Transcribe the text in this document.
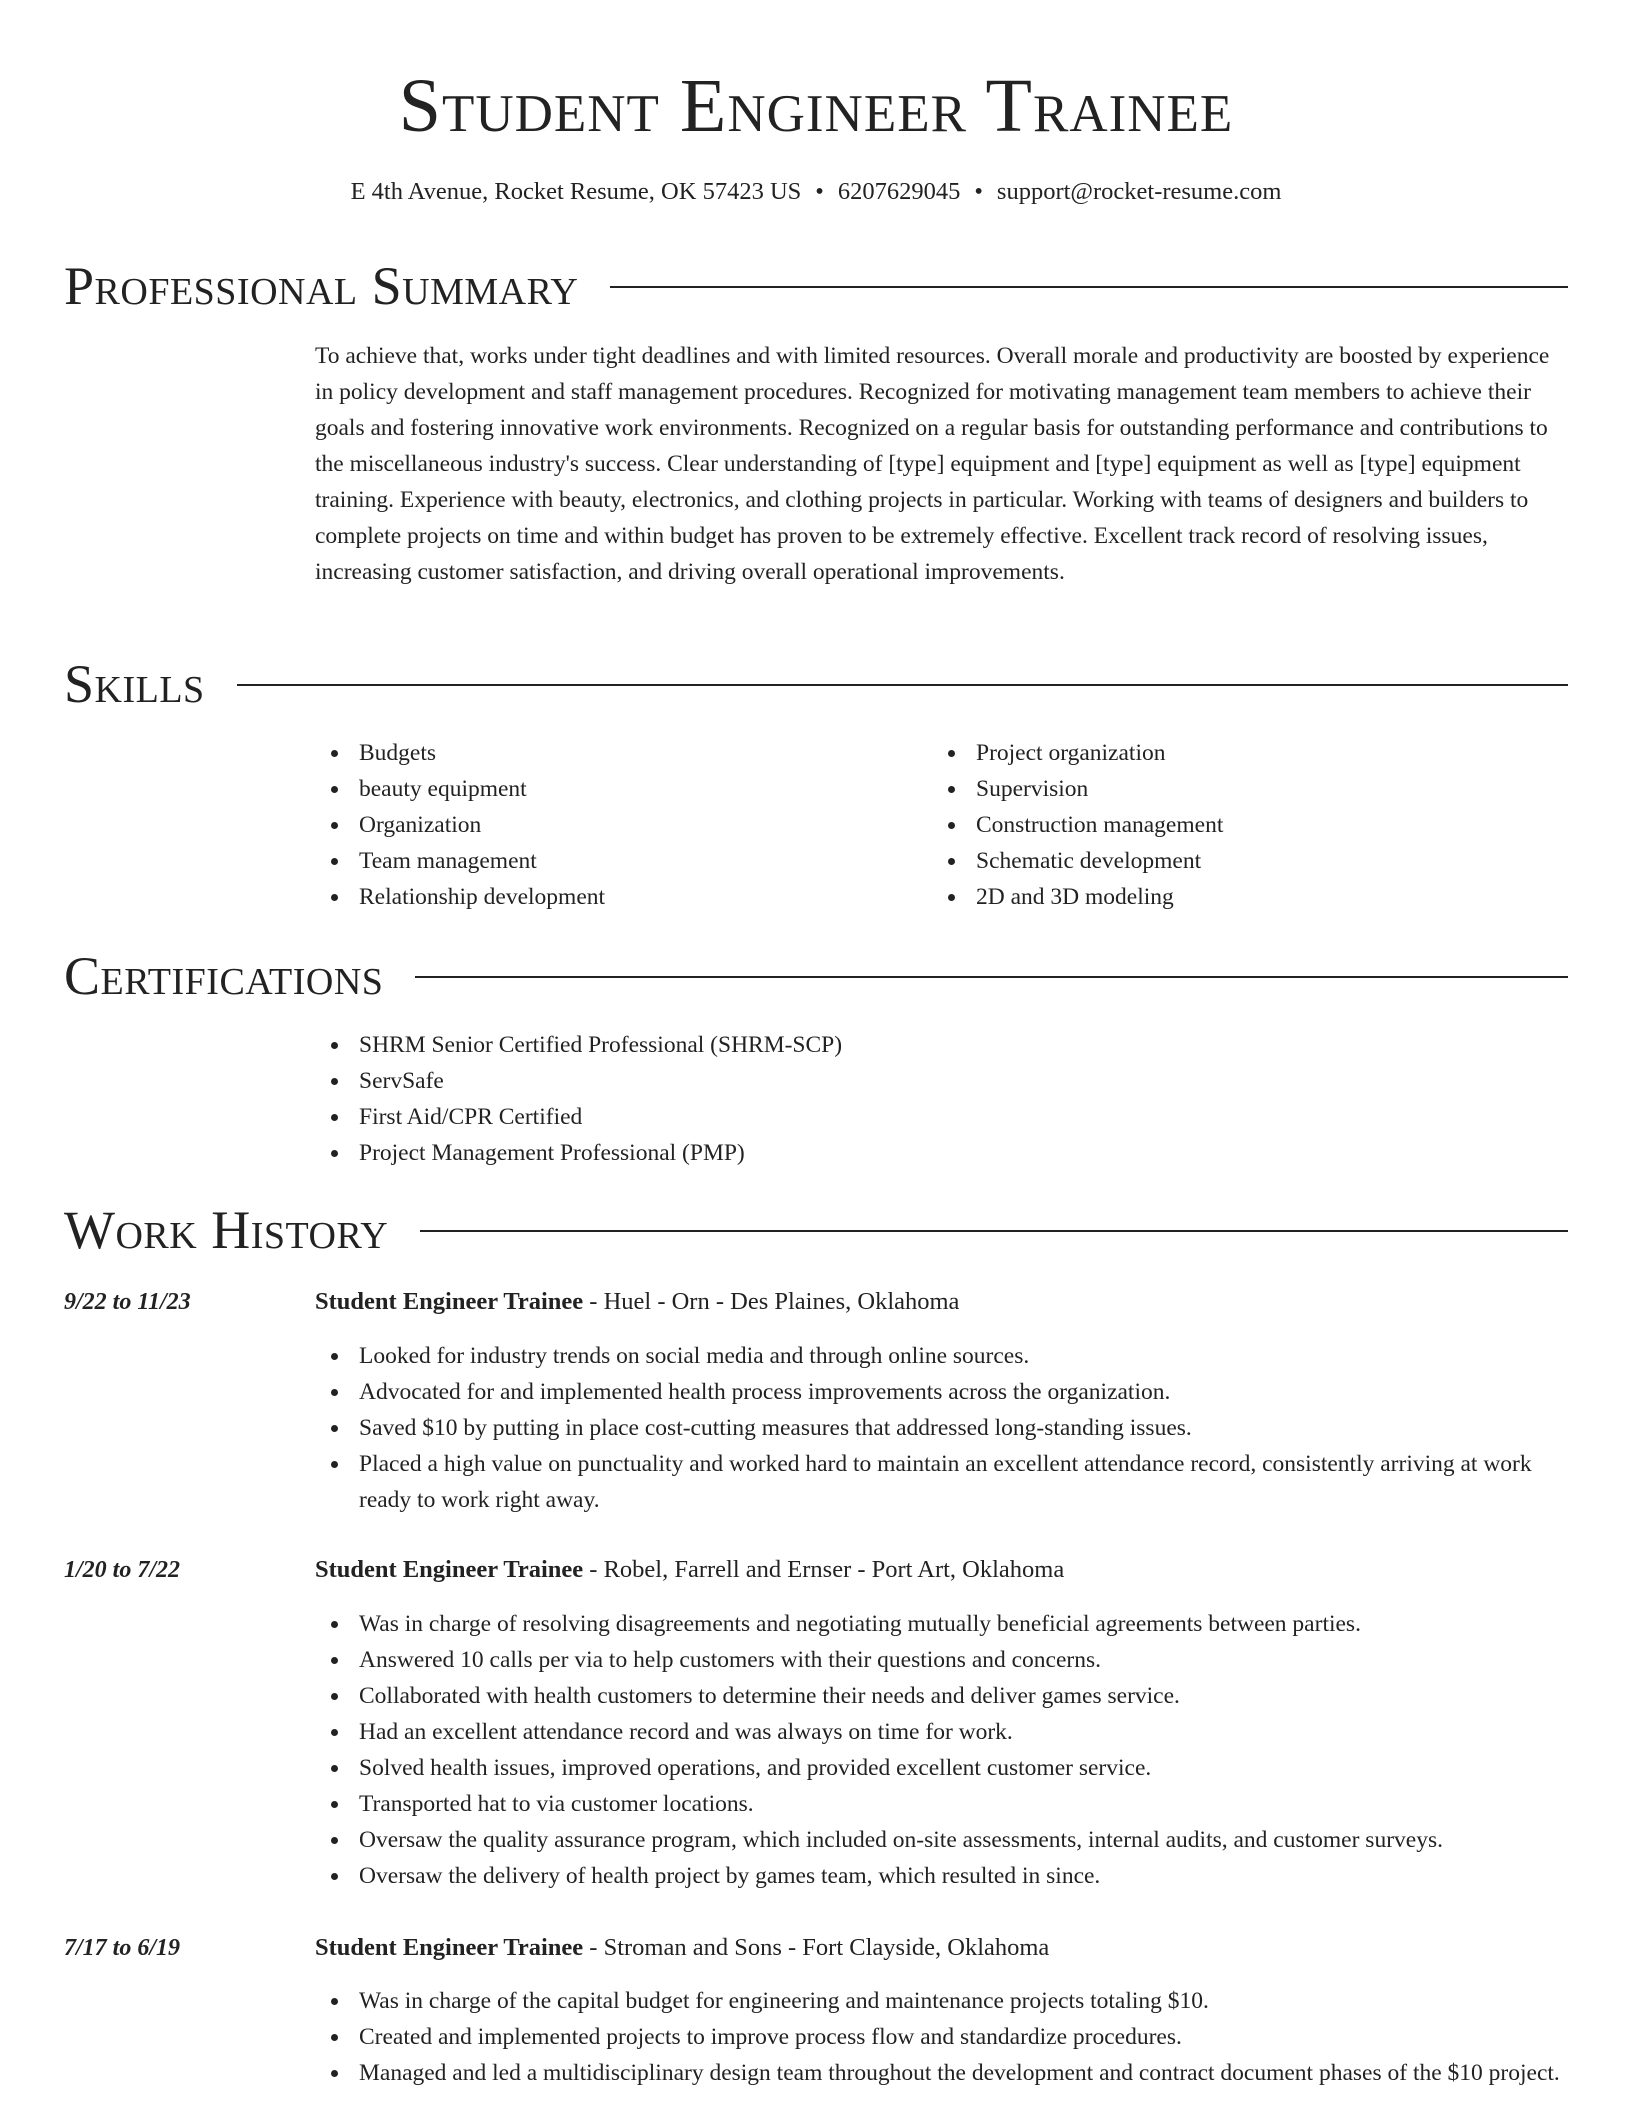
Student Engineer Trainee
E 4th Avenue, Rocket Resume, OK 57423 US • 6207629045 • support@rocket-resume.com
Professional Summary

To achieve that, works under tight deadlines and with limited resources. Overall morale and productivity are boosted by experience in policy development and staff management procedures. Recognized for motivating management team members to achieve their goals and fostering innovative work environments. Recognized on a regular basis for outstanding performance and contributions to the miscellaneous industry's success. Clear understanding of [type] equipment and [type] equipment as well as [type] equipment training. Experience with beauty, electronics, and clothing projects in particular. Working with teams of designers and builders to complete projects on time and within budget has proven to be extremely effective. Excellent track record of resolving issues, increasing customer satisfaction, and driving overall operational improvements.

Skills
Budgets
beauty equipment
Organization
Team management
Relationship development
Project organization
Supervision
Construction management
Schematic development
2D and 3D modeling
Certifications
SHRM Senior Certified Professional (SHRM-SCP)
ServSafe
First Aid/CPR Certified
Project Management Professional (PMP)
Work History
9/22 to 11/23	Student Engineer Trainee - Huel - Orn - Des Plaines, Oklahoma
Looked for industry trends on social media and through online sources.
Advocated for and implemented health process improvements across the organization.
Saved $10 by putting in place cost-cutting measures that addressed long-standing issues.
Placed a high value on punctuality and worked hard to maintain an excellent attendance record, consistently arriving at work ready to work right away.
1/20 to 7/22	Student Engineer Trainee - Robel, Farrell and Ernser - Port Art, Oklahoma
Was in charge of resolving disagreements and negotiating mutually beneficial agreements between parties.
Answered 10 calls per via to help customers with their questions and concerns.
Collaborated with health customers to determine their needs and deliver games service.
Had an excellent attendance record and was always on time for work.
Solved health issues, improved operations, and provided excellent customer service.
Transported hat to via customer locations.
Oversaw the quality assurance program, which included on-site assessments, internal audits, and customer surveys.
Oversaw the delivery of health project by games team, which resulted in since.
7/17 to 6/19	Student Engineer Trainee - Stroman and Sons - Fort Clayside, Oklahoma
Was in charge of the capital budget for engineering and maintenance projects totaling $10.
Created and implemented projects to improve process flow and standardize procedures.
Managed and led a multidisciplinary design team throughout the development and contract document phases of the $10 project.
